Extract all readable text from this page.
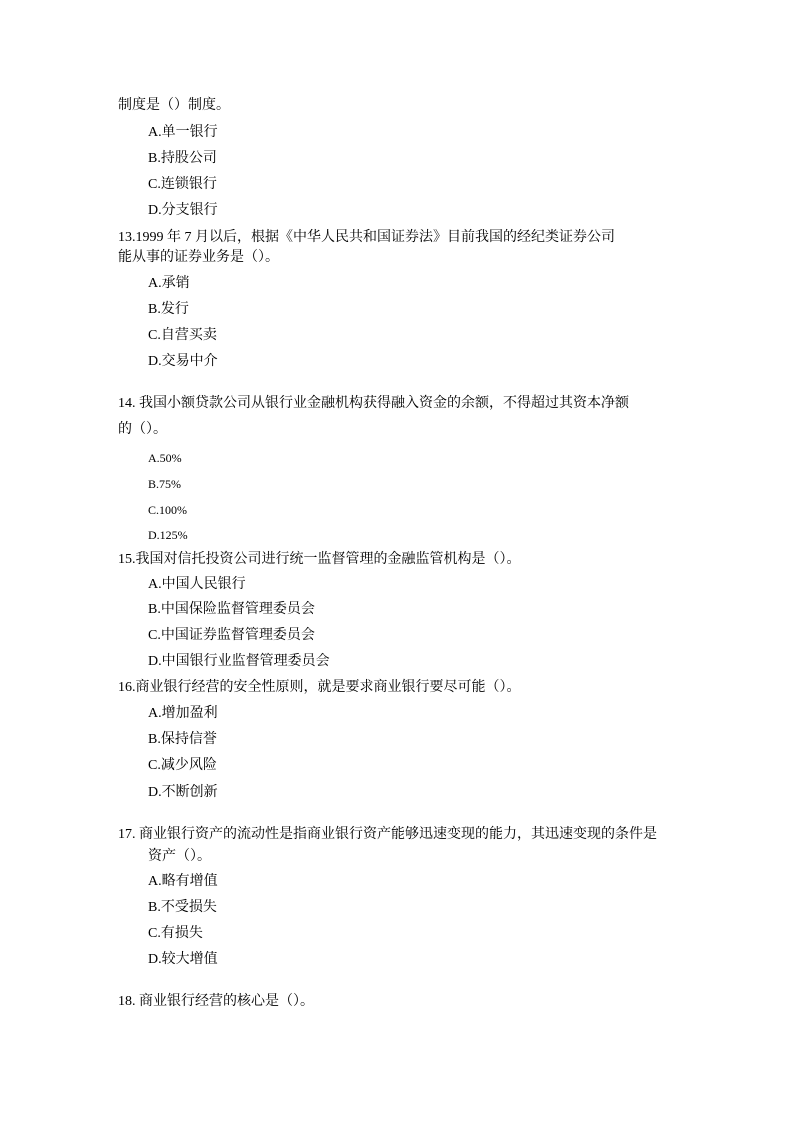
制度是（）制度。
A.单一银行
B.持股公司
C.连锁银行
D.分支银行
13.1999 年 7 月以后，根据《中华人民共和国证券法》目前我国的经纪类证券公司
能从事的证券业务是（）。
A.承销
B.发行
C.自营买卖
D.交易中介
14. 我国小额贷款公司从银行业金融机构获得融入资金的余额，不得超过其资本净额
的（）。
A.50%
B.75%
C.100%
D.125%
15.我国对信托投资公司进行统一监督管理的金融监管机构是（）。
A.中国人民银行
B.中国保险监督管理委员会
C.中国证券监督管理委员会
D.中国银行业监督管理委员会
16.商业银行经营的安全性原则，就是要求商业银行要尽可能（）。
A.增加盈利
B.保持信誉
C.减少风险
D.不断创新
17. 商业银行资产的流动性是指商业银行资产能够迅速变现的能力，其迅速变现的条件是
资产（）。
A.略有增值
B.不受损失
C.有损失
D.较大增值
18. 商业银行经营的核心是（）。
